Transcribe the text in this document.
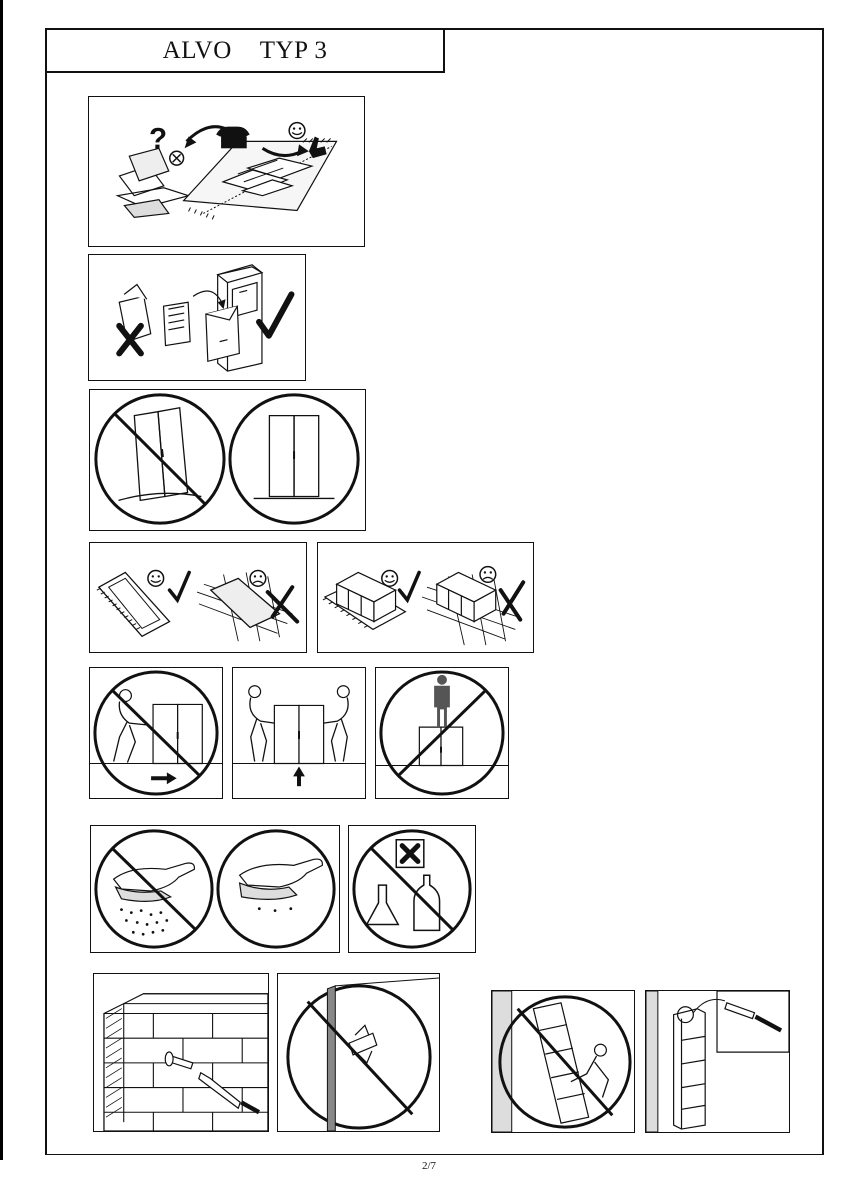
ALVO TYP 3
?
2/7
